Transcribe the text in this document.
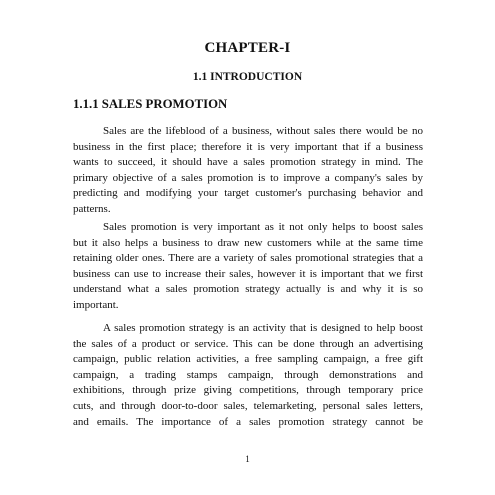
CHAPTER-I
1.1 INTRODUCTION
1.1.1 SALES PROMOTION
Sales are the lifeblood of a business, without sales there would be no
business in the first place; therefore it is very important that if a business
wants to succeed, it should have a sales promotion strategy in mind. The
primary objective of a sales promotion is to improve a company's sales by
predicting and modifying your target customer's purchasing behavior and
patterns.
Sales promotion is very important as it not only helps to boost sales
but it also helps a business to draw new customers while at the same time
retaining older ones. There are a variety of sales promotional strategies that a
business can use to increase their sales, however it is important that we first
understand what a sales promotion strategy actually is and why it is so
important.
A sales promotion strategy is an activity that is designed to help boost
the sales of a product or service. This can be done through an advertising
campaign, public relation activities, a free sampling campaign, a free gift
campaign, a trading stamps campaign, through demonstrations and
exhibitions, through prize giving competitions, through temporary price
cuts, and through door-to-door sales, telemarketing, personal sales letters,
and emails. The importance of a sales promotion strategy cannot be
1
